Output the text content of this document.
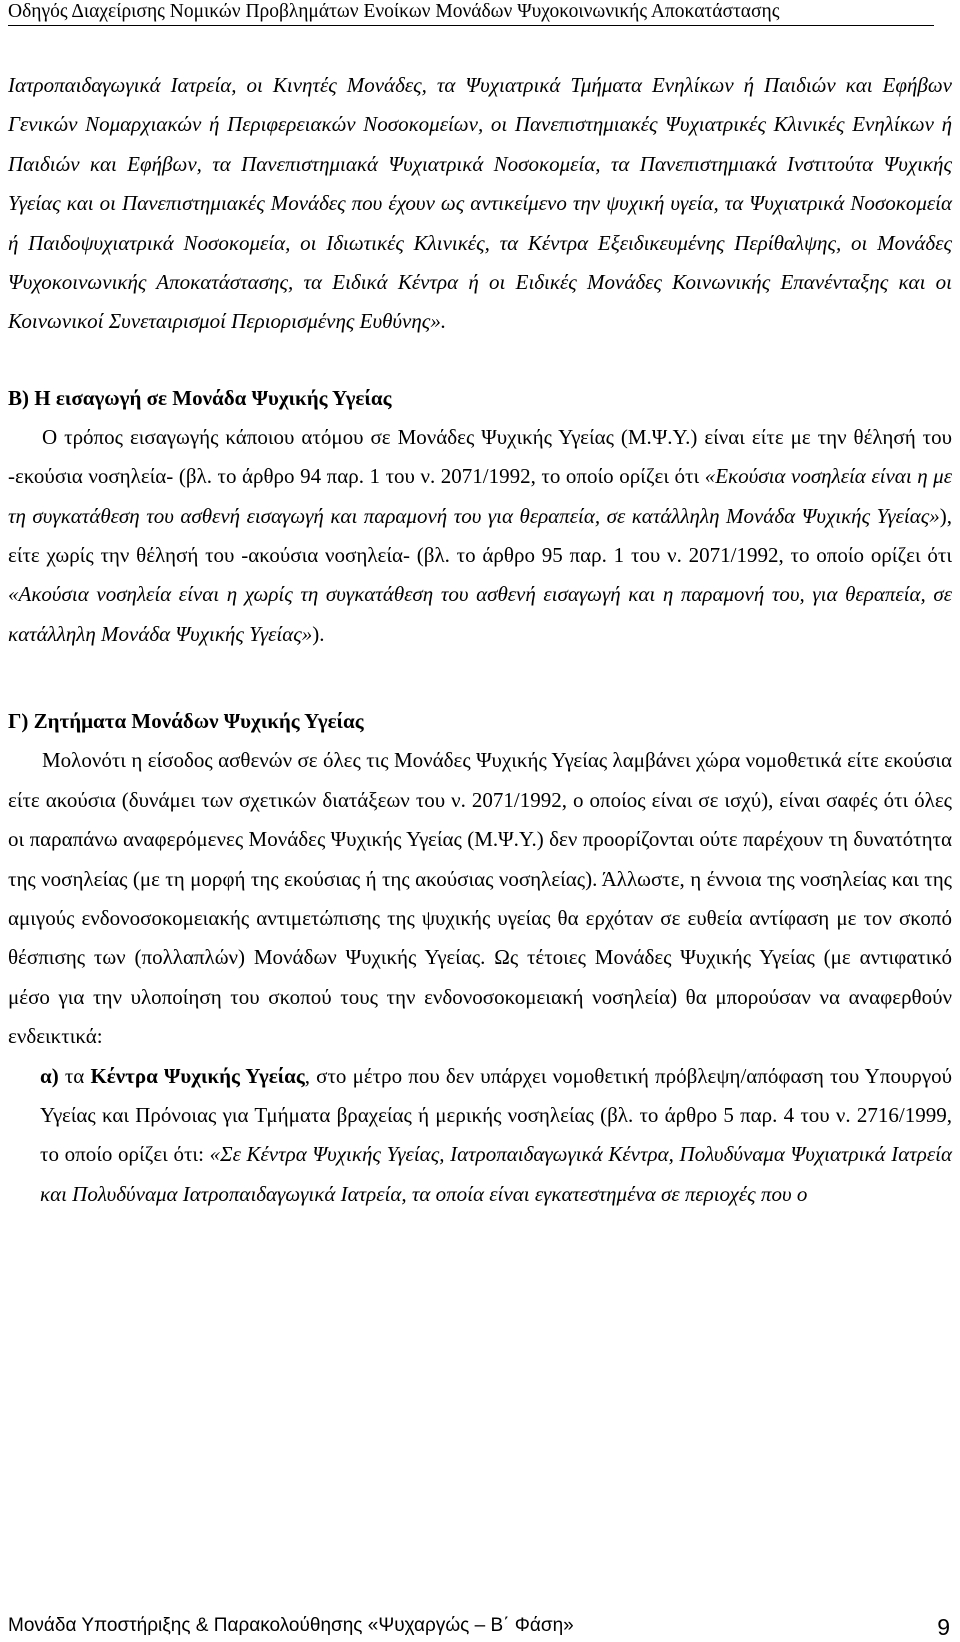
Οδηγός Διαχείρισης Νομικών Προβλημάτων Ενοίκων Μονάδων Ψυχοκοινωνικής Αποκατάστασης

Ιατροπαιδαγωγικά Ιατρεία, οι Κινητές Μονάδες, τα Ψυχιατρικά Τμήματα Ενηλίκων ή Παιδιών και Εφήβων Γενικών Νομαρχιακών ή Περιφερειακών Νοσοκομείων, οι Πανεπιστημιακές Ψυχιατρικές Κλινικές Ενηλίκων ή Παιδιών και Εφήβων, τα Πανεπιστημιακά Ψυχιατρικά Νοσοκομεία, τα Πανεπιστημιακά Ινστιτούτα Ψυχικής Υγείας και οι Πανεπιστημιακές Μονάδες που έχουν ως αντικείμενο την ψυχική υγεία, τα Ψυχιατρικά Νοσοκομεία ή Παιδοψυχιατρικά Νοσοκομεία, οι Ιδιωτικές Κλινικές, τα Κέντρα Εξειδικευμένης Περίθαλψης, οι Μονάδες Ψυχοκοινωνικής Αποκατάστασης, τα Ειδικά Κέντρα ή οι Ειδικές Μονάδες Κοινωνικής Επανένταξης και οι Κοινωνικοί Συνεταιρισμοί Περιορισμένης Ευθύνης».

Β) Η εισαγωγή σε Μονάδα Ψυχικής Υγείας

Ο τρόπος εισαγωγής κάποιου ατόμου σε Μονάδες Ψυχικής Υγείας (Μ.Ψ.Υ.) είναι είτε με την θέλησή του -εκούσια νοσηλεία- (βλ. το άρθρο 94 παρ. 1 του ν. 2071/1992, το οποίο ορίζει ότι «Εκούσια νοσηλεία είναι η με τη συγκατάθεση του ασθενή εισαγωγή και παραμονή του για θεραπεία, σε κατάλληλη Μονάδα Ψυχικής Υγείας»), είτε χωρίς την θέλησή του -ακούσια νοσηλεία- (βλ. το άρθρο 95 παρ. 1 του ν. 2071/1992, το οποίο ορίζει ότι «Ακούσια νοσηλεία είναι η χωρίς τη συγκατάθεση του ασθενή εισαγωγή και η παραμονή του, για θεραπεία, σε κατάλληλη Μονάδα Ψυχικής Υγείας»).

Γ) Ζητήματα Μονάδων Ψυχικής Υγείας

Μολονότι η είσοδος ασθενών σε όλες τις Μονάδες Ψυχικής Υγείας λαμβάνει χώρα νομοθετικά είτε εκούσια είτε ακούσια (δυνάμει των σχετικών διατάξεων του ν. 2071/1992, ο οποίος είναι σε ισχύ), είναι σαφές ότι όλες οι παραπάνω αναφερόμενες Μονάδες Ψυχικής Υγείας (Μ.Ψ.Υ.) δεν προορίζονται ούτε παρέχουν τη δυνατότητα της νοσηλείας (με τη μορφή της εκούσιας ή της ακούσιας νοσηλείας). Άλλωστε, η έννοια της νοσηλείας και της αμιγούς ενδονοσοκομειακής αντιμετώπισης της ψυχικής υγείας θα ερχόταν σε ευθεία αντίφαση με τον σκοπό θέσπισης των (πολλαπλών) Μονάδων Ψυχικής Υγείας. Ως τέτοιες Μονάδες Ψυχικής Υγείας (με αντιφατικό μέσο για την υλοποίηση του σκοπού τους την ενδονοσοκομειακή νοσηλεία) θα μπορούσαν να αναφερθούν ενδεικτικά:

α) τα Κέντρα Ψυχικής Υγείας, στο μέτρο που δεν υπάρχει νομοθετική πρόβλεψη/απόφαση του Υπουργού Υγείας και Πρόνοιας για Τμήματα βραχείας ή μερικής νοσηλείας (βλ. το άρθρο 5 παρ. 4 του ν. 2716/1999, το οποίο ορίζει ότι: «Σε Κέντρα Ψυχικής Υγείας, Ιατροπαιδαγωγικά Κέντρα, Πολυδύναμα Ψυχιατρικά Ιατρεία και Πολυδύναμα Ιατροπαιδαγωγικά Ιατρεία, τα οποία είναι εγκατεστημένα σε περιοχές που ο

Μονάδα Υποστήριξης & Παρακολούθησης «Ψυχαργώς – Β΄ Φάση»	9
